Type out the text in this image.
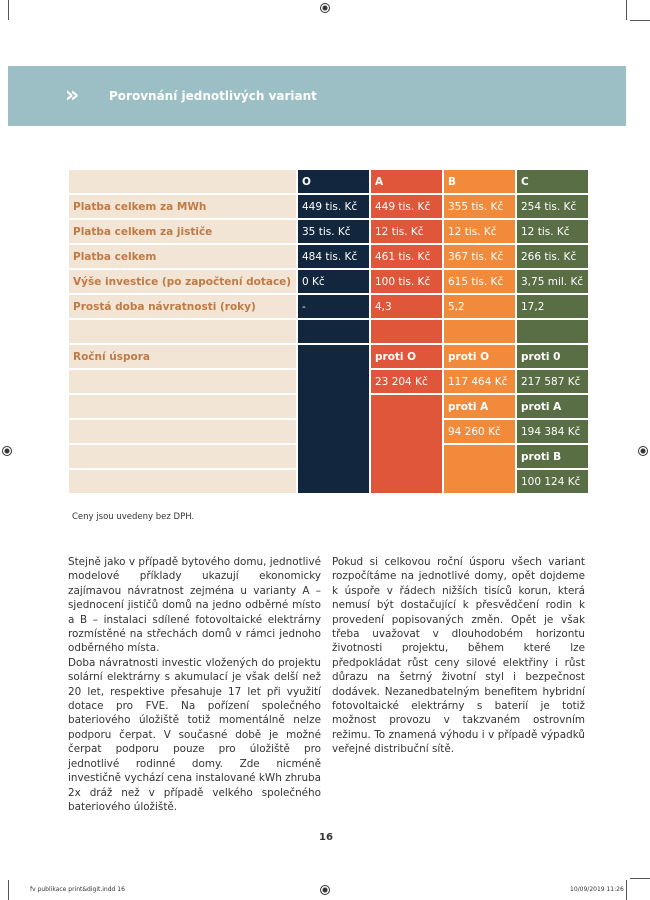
»	Porovnání jednotlivých variant
	O	A	B	C
Platba celkem za MWh	449 tis. Kč	449 tis. Kč	355 tis. Kč	254 tis. Kč
Platba celkem za jističe	35 tis. Kč	12 tis. Kč	12 tis. Kč	12 tis. Kč
Platba celkem	484 tis. Kč	461 tis. Kč	367 tis. Kč	266 tis. Kč
Výše investice (po započtení dotace)	0 Kč	100 tis. Kč	615 tis. Kč	3,75 mil. Kč
Prostá doba návratnosti (roky)	-	4,3	5,2	17,2

Roční úspora		proti O	proti O	proti 0
		23 204 Kč	117 464 Kč	217 587 Kč
			proti A	proti A
			94 260 Kč	194 384 Kč
				proti B
				100 124 Kč
Ceny jsou uvedeny bez DPH.

Stejně jako v případě bytového domu, jednotlivé modelové příklady ukazují ekonomicky zajímavou návratnost zejména u varianty A – sjednocení jističů domů na jedno odběrné místo a B – instalaci sdílené fotovoltaické elektrárny rozmístěné na střechách domů v rámci jednoho odběrného místa.

Doba návratnosti investic vložených do projektu solární elektrárny s akumulací je však delší než 20 let, respektive přesahuje 17 let při využití dotace pro FVE. Na pořízení společného bateriového úložiště totiž momentálně nelze podporu čerpat. V současné době je možné čerpat podporu pouze pro úložiště pro jednotlivé rodinné domy. Zde nicméně investičně vychází cena instalované kWh zhruba 2x dráž než v případě velkého společného bateriového úložiště.

Pokud si celkovou roční úsporu všech variant rozpočítáme na jednotlivé domy, opět dojdeme k úspoře v řádech nižších tisíců korun, která nemusí být dostačující k přesvědčení rodin k provedení popisovaných změn. Opět je však třeba uvažovat v dlouhodobém horizontu životnosti projektu, během které lze předpokládat růst ceny silové elektřiny i růst důrazu na šetrný životní styl i bezpečnost dodávek. Nezanedbatelným benefitem hybridní fotovoltaické elektrárny s baterií je totiž možnost provozu v takzvaném ostrovním režimu. To znamená výhodu i v případě výpadků veřejné distribuční sítě.

16
fv publikace print&digit.indd 16	10/09/2019 11:26
